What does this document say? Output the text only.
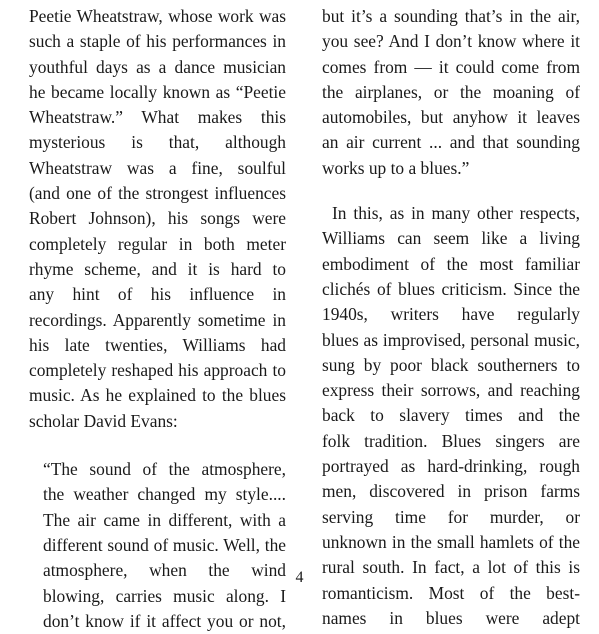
Peetie Wheatstraw, whose work was
such a staple of his performances in
youthful days as a dance musician
he became locally known as “Peetie
Wheatstraw.” What makes this
mysterious is that, although
Wheatstraw was a fine, soulful
(and one of the strongest influences
Robert Johnson), his songs were
completely regular in both meter
rhyme scheme, and it is hard to
any hint of his influence in
recordings. Apparently sometime in
his late twenties, Williams had
completely reshaped his approach to
music. As he explained to the blues
scholar David Evans:
“The sound of the atmosphere,
the weather changed my style....
The air came in different, with a
different sound of music. Well, the
atmosphere, when the wind
blowing, carries music along. I
don’t know if it affect you or not,
but it’s a sounding that’s in the air,
you see? And I don’t know where it
comes from — it could come from
the airplanes, or the moaning of
automobiles, but anyhow it leaves
an air current ... and that sounding
works up to a blues.”
In this, as in many other respects,
Williams can seem like a living
embodiment of the most familiar
clichés of blues criticism. Since the
1940s, writers have regularly
blues as improvised, personal music,
sung by poor black southerners to
express their sorrows, and reaching
back to slavery times and the
folk tradition. Blues singers are
portrayed as hard-drinking, rough
men, discovered in prison farms
serving time for murder, or
unknown in the small hamlets of the
rural south. In fact, a lot of this is
romanticism. Most of the best-
names in blues were adept
4
